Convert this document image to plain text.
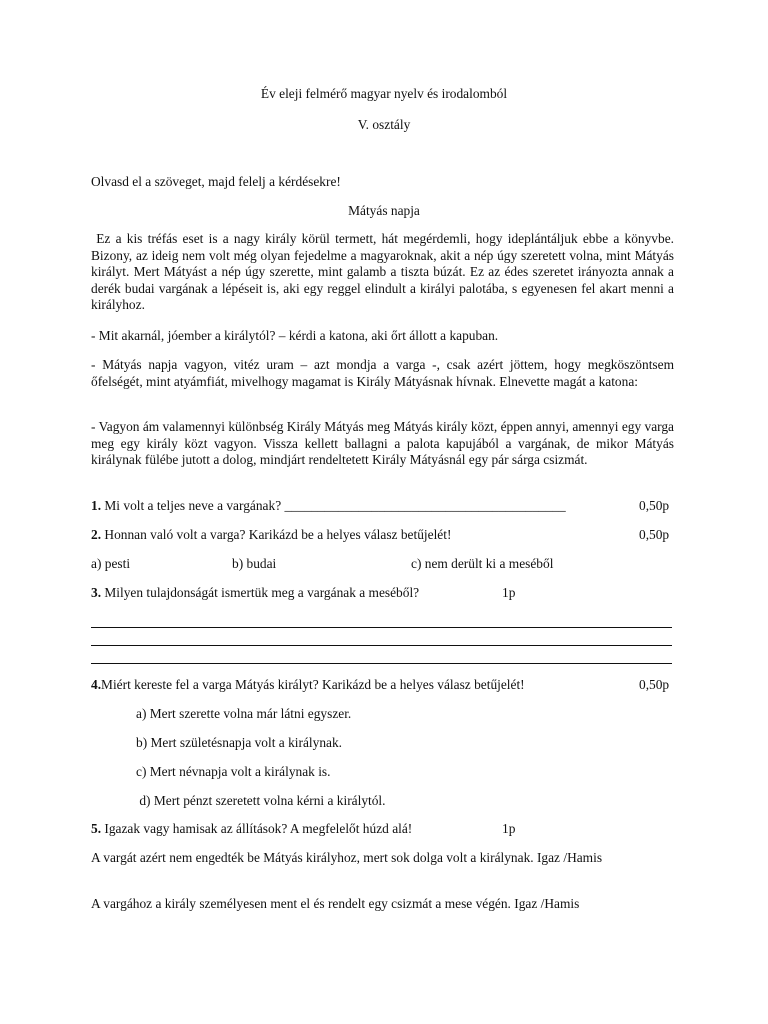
Év eleji felmérő magyar nyelv és irodalomból

V. osztály

Olvasd el a szöveget, majd felelj a kérdésekre!

Mátyás napja

Ez a kis tréfás eset is a nagy király körül termett, hát megérdemli, hogy ideplántáljuk ebbe a könyvbe. Bizony, az ideig nem volt még olyan fejedelme a magyaroknak, akit a nép úgy szeretett volna, mint Mátyás királyt. Mert Mátyást a nép úgy szerette, mint galamb a tiszta búzát. Ez az édes szeretet irányozta annak a derék budai vargának a lépéseit is, aki egy reggel elindult a királyi palotába, s egyenesen fel akart menni a királyhoz.

- Mit akarnál, jóember a királytól? – kérdi a katona, aki őrt állott a kapuban.

- Mátyás napja vagyon, vitéz uram – azt mondja a varga -, csak azért jöttem, hogy megköszöntsem őfelségét, mint atyámfiát, mivelhogy magamat is Király Mátyásnak hívnak. Elnevette magát a katona:

- Vagyon ám valamennyi különbség Király Mátyás meg Mátyás király közt, éppen annyi, amennyi egy varga meg egy király közt vagyon. Vissza kellett ballagni a palota kapujából a vargának, de mikor Mátyás királynak fülébe jutott a dolog, mindjárt rendeltetett Király Mátyásnál egy pár sárga csizmát.

1. Mi volt a teljes neve a vargának? __________________________________________	0,50p
2. Honnan való volt a varga? Karikázd be a helyes válasz betűjelét!	0,50p
a) pesti	b) budai	c) nem derült ki a meséből
3. Milyen tulajdonságát ismertük meg a vargának a meséből?	1p
4.Miért kereste fel a varga Mátyás királyt? Karikázd be a helyes válasz betűjelét!	0,50p
a) Mert szerette volna már látni egyszer.
b) Mert születésnapja volt a királynak.
c) Mert névnapja volt a királynak is.
d) Mert pénzt szeretett volna kérni a királytól.
5. Igazak vagy hamisak az állítások? A megfelelőt húzd alá!	1p

A vargát azért nem engedték be Mátyás királyhoz, mert sok dolga volt a királynak. Igaz /Hamis

A vargához a király személyesen ment el és rendelt egy csizmát a mese végén. Igaz /Hamis
